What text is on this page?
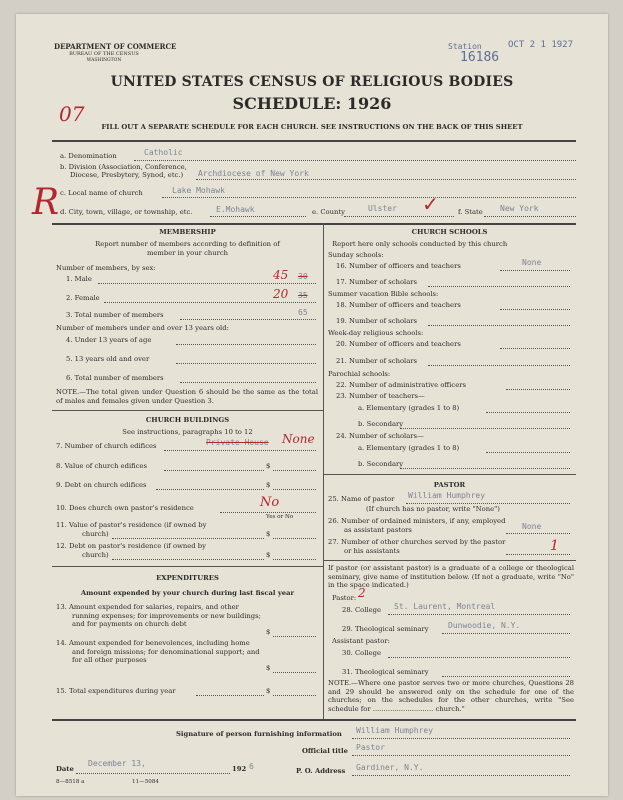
DEPARTMENT OF COMMERCE
BUREAU OF THE CENSUS
WASHINGTON
Station	OCT 2 1 1927
16186
UNITED STATES CENSUS OF RELIGIOUS BODIES
SCHEDULE: 1926
07
FILL OUT A SEPARATE SCHEDULE FOR EACH CHURCH. SEE INSTRUCTIONS ON THE BACK OF THIS SHEET
R
a. Denomination	Catholic
b. Division (Association, Conference,
Diocese, Presbytery, Synod, etc.) Archdiocese of New York
c. Local name of church	Lake Mohawk
d. City, town, village, or township, etc.	E.Mohawk	e. County	Ulster ✓	f. State New York
MEMBERSHIP
Report number of members according to definition of
member in your church
Number of members, by sex:
1. Male	45 30
2. Female	20 35
3. Total number of members	65
Number of members under and over 13 years old:
4. Under 13 years of age
5. 13 years old and over
6. Total number of members
NOTE.—The total given under Question 6 should be the same as the total of males and females given under Question 3.
CHURCH BUILDINGS
See instructions, paragraphs 10 to 12
7. Number of church edifices	Private House None
8. Value of church edifices	$
9. Debt on church edifices	$
10. Does church own pastor's residence	No
Yes or No
11. Value of pastor's residence (if owned by
church)	$
12. Debt on pastor's residence (if owned by
church)	$
EXPENDITURES
Amount expended by your church during last fiscal year
13. Amount expended for salaries, repairs, and other running expenses; for improvements or new buildings; and for payments on church debt
$
14. Amount expended for benevolences, including home and foreign missions; for denominational support; and for all other purposes
$
15. Total expenditures during year	$
CHURCH SCHOOLS
Report here only schools conducted by this church
Sunday schools:
16. Number of officers and teachers	None
17. Number of scholars
Summer vacation Bible schools:
18. Number of officers and teachers
19. Number of scholars
Week-day religious schools:
20. Number of officers and teachers
21. Number of scholars
Parochial schools:
22. Number of administrative officers
23. Number of teachers—
a. Elementary (grades 1 to 8)
b. Secondary
24. Number of scholars—
a. Elementary (grades 1 to 8)
b. Secondary
PASTOR
25. Name of pastor William Humphrey
(If church has no pastor, write "None")
26. Number of ordained ministers, if any, employed as assistant pastors	None
27. Number of other churches served by the pastor or his assistants	1
If pastor (or assistant pastor) is a graduate of a college or theological seminary, give name of institution below. (If not a graduate, write "No" in the space indicated.)
Pastor: 2
28. College St. Laurent, Montreal
29. Theological seminary Dunwoodie, N.Y.
Assistant pastor:
30. College
31. Theological seminary
NOTE.—Where one pastor serves two or more churches, Questions 28 and 29 should be answered only on the schedule for one of the churches; on the schedules for the other churches, write "See schedule for ............................ church."
Signature of person furnishing information William Humphrey
Official title Pastor
Date
December 13,
192 6	P. O. Address Gardiner, N.Y.
8—8518 a	11—5084
